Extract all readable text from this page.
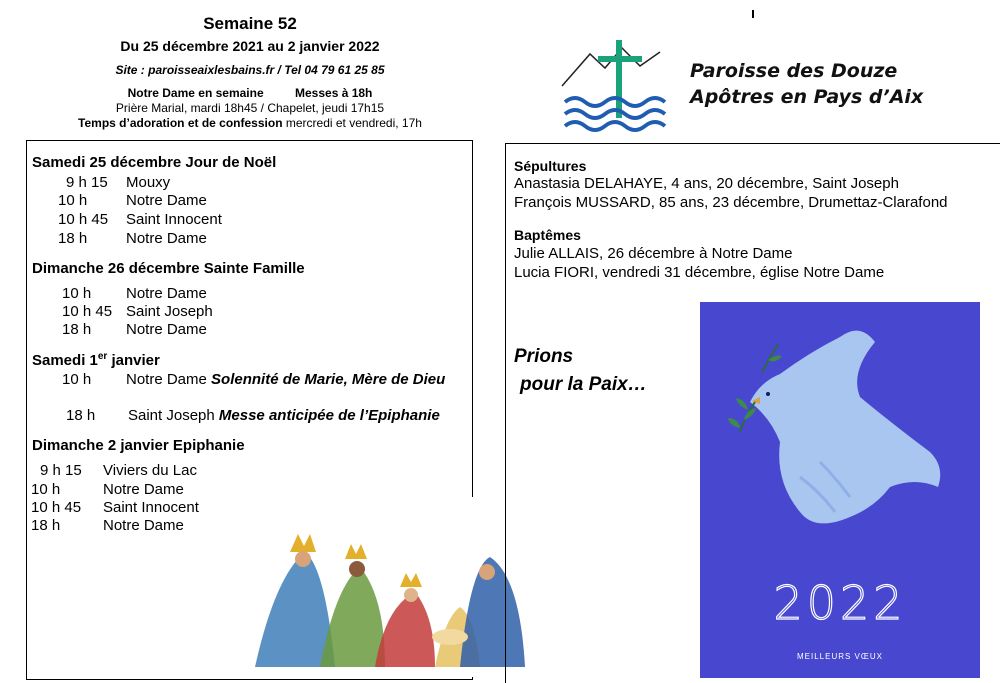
Semaine 52
Du 25 décembre 2021 au 2 janvier 2022
Site : paroisseaixlesbains.fr / Tel 04 79 61 25 85
Notre Dame en semaine	Messes à 18h
Prière Marial, mardi 18h45 / Chapelet, jeudi 17h15
Temps d’adoration et de confession mercredi et vendredi, 17h
Paroisse des Douze
Apôtres en Pays d’Aix
Samedi 25 décembre Jour de Noël
9 h 15 Mouxy
10 h	Notre Dame
10 h 45 Saint Innocent
18 h	Notre Dame
Dimanche 26 décembre Sainte Famille
10 h Notre Dame
10 h 45 Saint Joseph
18 h Notre Dame
Samedi 1er janvier
10 h Notre Dame Solennité de Marie, Mère de Dieu
18 h Saint Joseph Messe anticipée de l’Epiphanie
Dimanche 2 janvier Epiphanie
9 h 15 Viviers du Lac
10 h	Notre Dame
10 h 45 Saint Innocent
18 h	Notre Dame
Sépultures
Anastasia DELAHAYE, 4 ans, 20 décembre, Saint Joseph
François MUSSARD, 85 ans, 23 décembre, Drumettaz-Clarafond
Baptêmes
Julie ALLAIS, 26 décembre à Notre Dame
Lucia FIORI, vendredi 31 décembre, église Notre Dame
Prions
pour la Paix…
2022
MEILLEURS VŒUX
